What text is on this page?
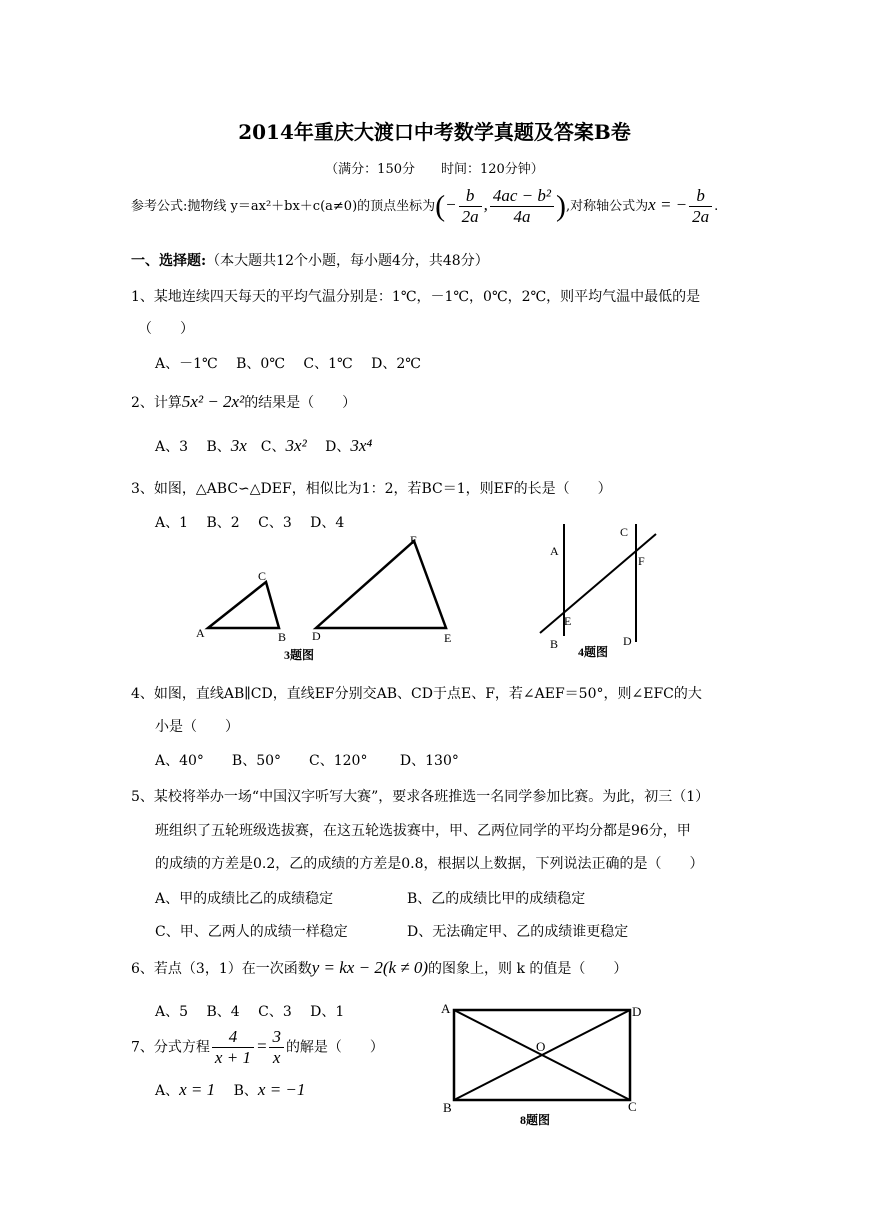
2014年重庆大渡口中考数学真题及答案B卷
（满分：150分　　时间：120分钟）
参考公式:抛物线 y＝ax²＋bx＋c(a≠0)的顶点坐标为(− $\frac{b}{2a}$ , $\frac{\text{4ac − b²}}{4a}$ ),对称轴公式为x = − $\frac{b}{2a}$ .
一、选择题:（本大题共12个小题，每小题4分，共48分）
1、某地连续四天每天的平均气温分别是：1℃，－1℃，0℃，2℃，则平均气温中最低的是
（　　）
A、－1℃　 B、0℃　 C、1℃　 D、2℃
2、计算5x² − 2x²的结果是（　　）
A、3　 B、3x　C、3x²　 D、3x⁴
3、如图，△ABC∽△DEF，相似比为1：2，若BC＝1，则EF的长是（　　）
A、1　 B、2　 C、3　 D、4
A	B
C
D	E
F
3题图
A
B
C
D
E
F
4题图
4、如图，直线AB∥CD，直线EF分别交AB、CD于点E、F，若∠AEF＝50°，则∠EFC的大
小是（　　）
A、40°　　B、50°　　C、120°　　 D、130°
5、某校将举办一场“中国汉字听写大赛”，要求各班推选一名同学参加比赛。为此，初三（1）
班组织了五轮班级选拔赛，在这五轮选拔赛中，甲、乙两位同学的平均分都是96分，甲
的成绩的方差是0.2，乙的成绩的方差是0.8，根据以上数据，下列说法正确的是（　　）
A、甲的成绩比乙的成绩稳定	B、乙的成绩比甲的成绩稳定
C、甲、乙两人的成绩一样稳定	D、无法确定甲、乙的成绩谁更稳定
6、若点（3，1）在一次函数y = kx − 2(k ≠ 0)的图象上，则 k 的值是（　　）
A、5　 B、4　 C、3　 D、1
7、分式方程 $\frac{4}{x + 1} = \frac{3}{x}$ 的解是（　　）
A、x = 1　 B、x = −1
A
B	C
D
O
8题图
